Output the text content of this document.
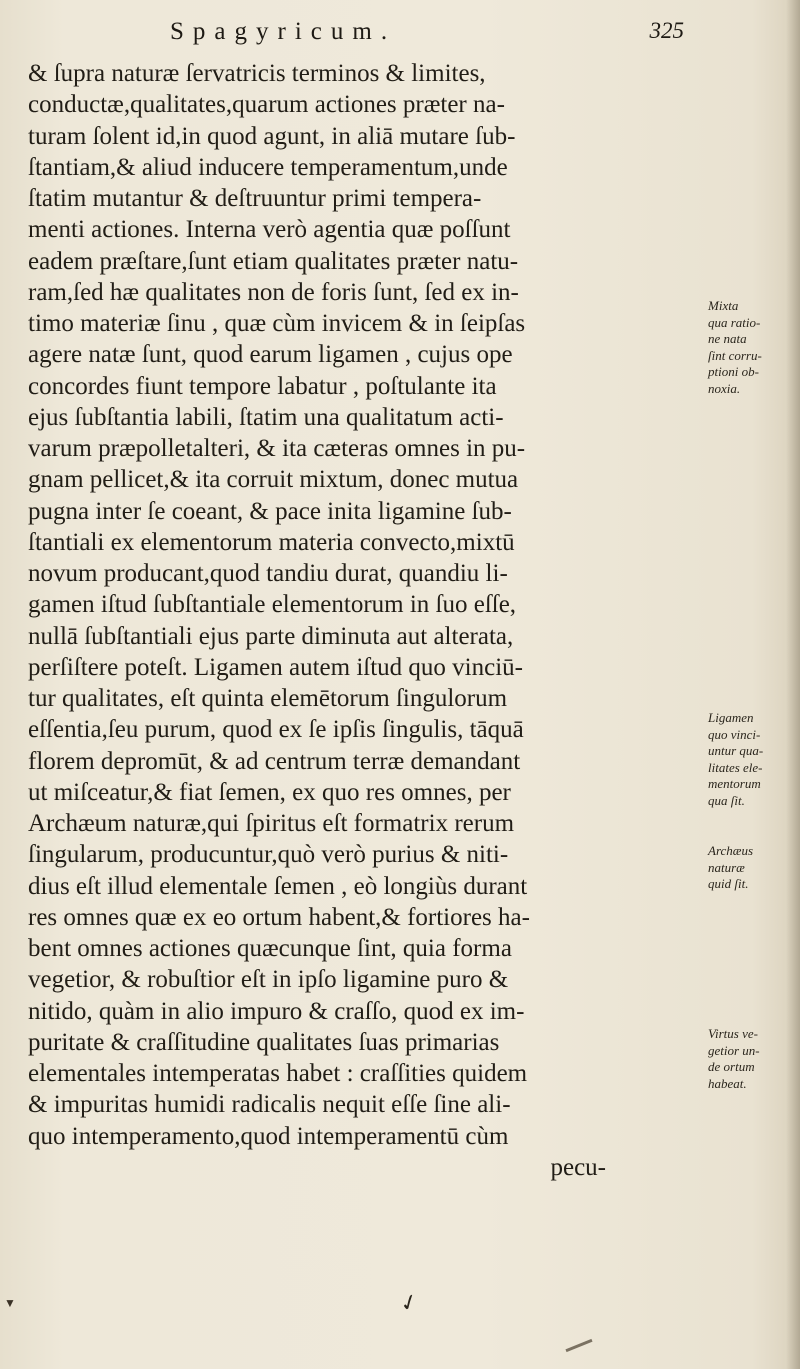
Spagyricum.	325
& ſupra naturæ ſervatricis terminos & limites,
conductæ,qualitates,quarum actiones præter na-
turam ſolent id,in quod agunt, in aliā mutare ſub-
ſtantiam,& aliud inducere temperamentum,unde
ſtatim mutantur & deſtruuntur primi tempera-
menti actiones. Interna verò agentia quæ poſſunt
eadem præſtare,ſunt etiam qualitates præter natu-
ram,ſed hæ qualitates non de foris ſunt, ſed ex in-
timo materiæ ſinu , quæ cùm invicem & in ſeipſas
agere natæ ſunt, quod earum ligamen , cujus ope
concordes fiunt tempore labatur , poſtulante ita
ejus ſubſtantia labili, ſtatim una qualitatum acti-
varum præpolletalteri, & ita cæteras omnes in pu-
gnam pellicet,& ita corruit mixtum, donec mutua
pugna inter ſe coeant, & pace inita ligamine ſub-
ſtantiali ex elementorum materia convecto,mixtū
novum producant,quod tandiu durat, quandiu li-
gamen iſtud ſubſtantiale elementorum in ſuo eſſe,
nullā ſubſtantiali ejus parte diminuta aut alterata,
perſiſtere poteſt. Ligamen autem iſtud quo vinciū-
tur qualitates, eſt quinta elemētorum ſingulorum
eſſentia,ſeu purum, quod ex ſe ipſis ſingulis, tāquā
florem depromūt, & ad centrum terræ demandant
ut miſceatur,& fiat ſemen, ex quo res omnes, per
Archæum naturæ,qui ſpiritus eſt formatrix rerum
ſingularum, producuntur,quò verò purius & niti-
dius eſt illud elementale ſemen , eò longiùs durant
res omnes quæ ex eo ortum habent,& fortiores ha-
bent omnes actiones quæcunque ſint, quia forma
vegetior, & robuſtior eſt in ipſo ligamine puro &
nitido, quàm in alio impuro & craſſo, quod ex im-
puritate & craſſitudine qualitates ſuas primarias
elementales intemperatas habet : craſſities quidem
& impuritas humidi radicalis nequit eſſe ſine ali-
quo intemperamento,quod intemperamentū cùm
pecu-
Mixta
qua ratio-
ne nata
ſint corru-
ptioni ob-
noxia.
Ligamen
quo vinci-
untur qua-
litates ele-
mentorum
qua ſit.
Archæus
naturæ
quid ſit.
Virtus ve-
getior un-
de ortum
habeat.
▼	✓
